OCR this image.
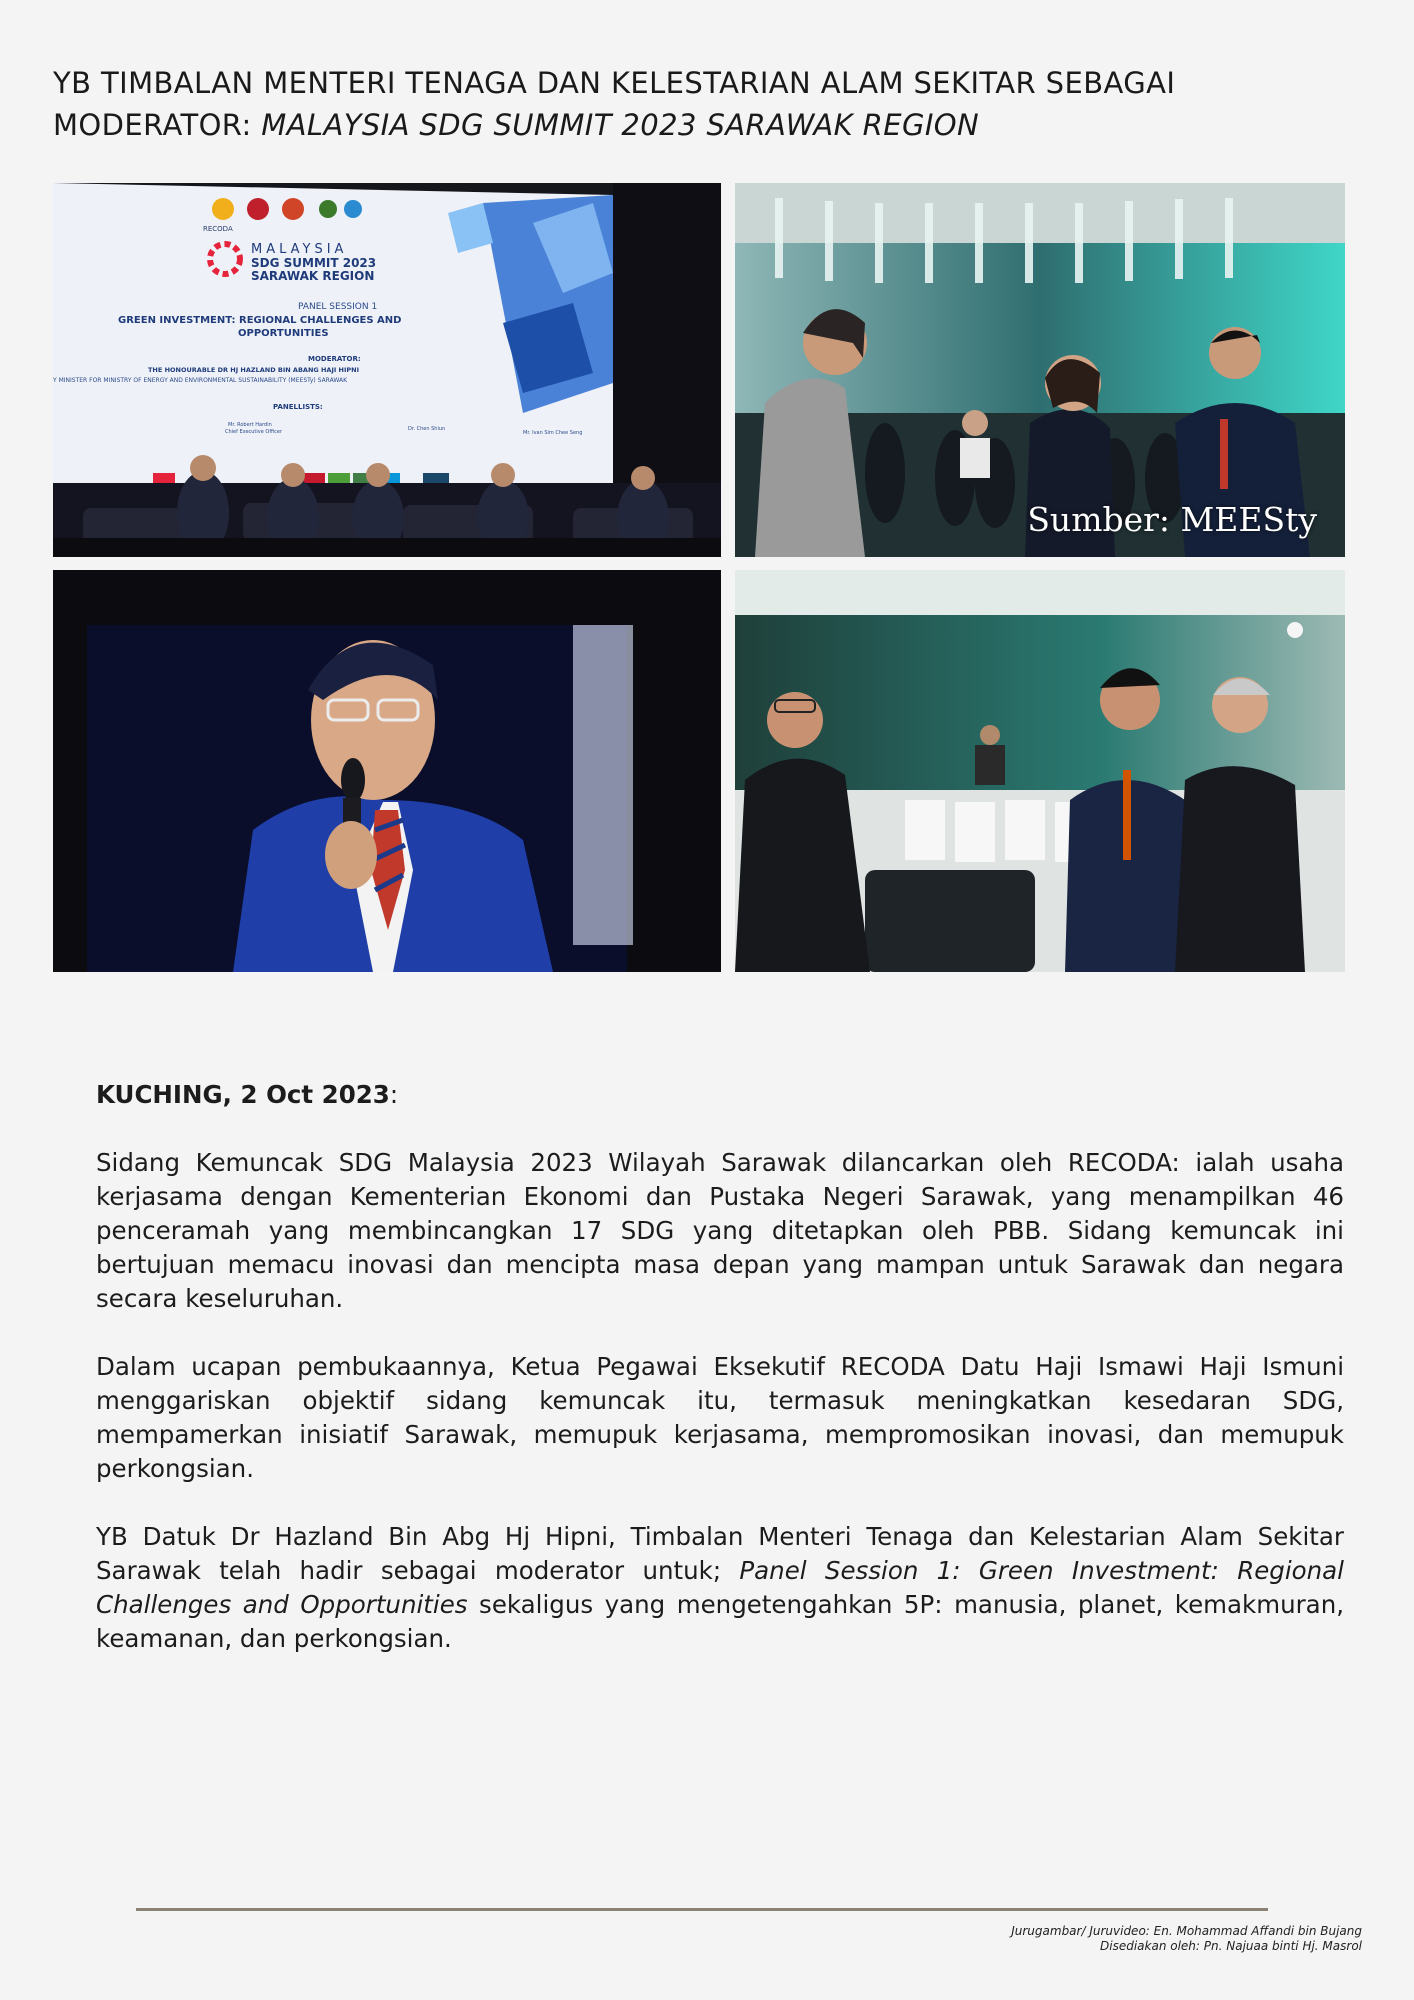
YB TIMBALAN MENTERI TENAGA DAN KELESTARIAN ALAM SEKITAR SEBAGAI
MODERATOR: MALAYSIA SDG SUMMIT 2023 SARAWAK REGION
RECODA
MALAYSIA
SDG SUMMIT 2023
SARAWAK REGION
PANEL SESSION 1
GREEN INVESTMENT: REGIONAL CHALLENGES AND
OPPORTUNITIES
MODERATOR:
THE HONOURABLE DR HJ HAZLAND BIN ABANG HAJI HIPNI
Y MINISTER FOR MINISTRY OF ENERGY AND ENVIRONMENTAL SUSTAINABILITY (MEESTy) SARAWAK
PANELLISTS:
Mr. Robert Hardin
Chief Executive Officer	Dr. Chen Shiun
Mr. Ivan Sim Chee Seng
Sumber: MEESty

KUCHING, 2 Oct 2023:

Sidang Kemuncak SDG Malaysia 2023 Wilayah Sarawak dilancarkan oleh RECODA: ialah usaha kerjasama dengan Kementerian Ekonomi dan Pustaka Negeri Sarawak, yang menampilkan 46 penceramah yang membincangkan 17 SDG yang ditetapkan oleh PBB. Sidang kemuncak ini bertujuan memacu inovasi dan mencipta masa depan yang mampan untuk Sarawak dan negara secara keseluruhan.

Dalam ucapan pembukaannya, Ketua Pegawai Eksekutif RECODA Datu Haji Ismawi Haji Ismuni menggariskan objektif sidang kemuncak itu, termasuk meningkatkan kesedaran SDG, mempamerkan inisiatif Sarawak, memupuk kerjasama, mempromosikan inovasi, dan memupuk perkongsian.

YB Datuk Dr Hazland Bin Abg Hj Hipni, Timbalan Menteri Tenaga dan Kelestarian Alam Sekitar Sarawak telah hadir sebagai moderator untuk; Panel Session 1: Green Investment: Regional Challenges and Opportunities sekaligus yang mengetengahkan 5P: manusia, planet, kemakmuran, keamanan, dan perkongsian.

Jurugambar/ Juruvideo: En. Mohammad Affandi bin Bujang
Disediakan oleh: Pn. Najuaa binti Hj. Masrol
